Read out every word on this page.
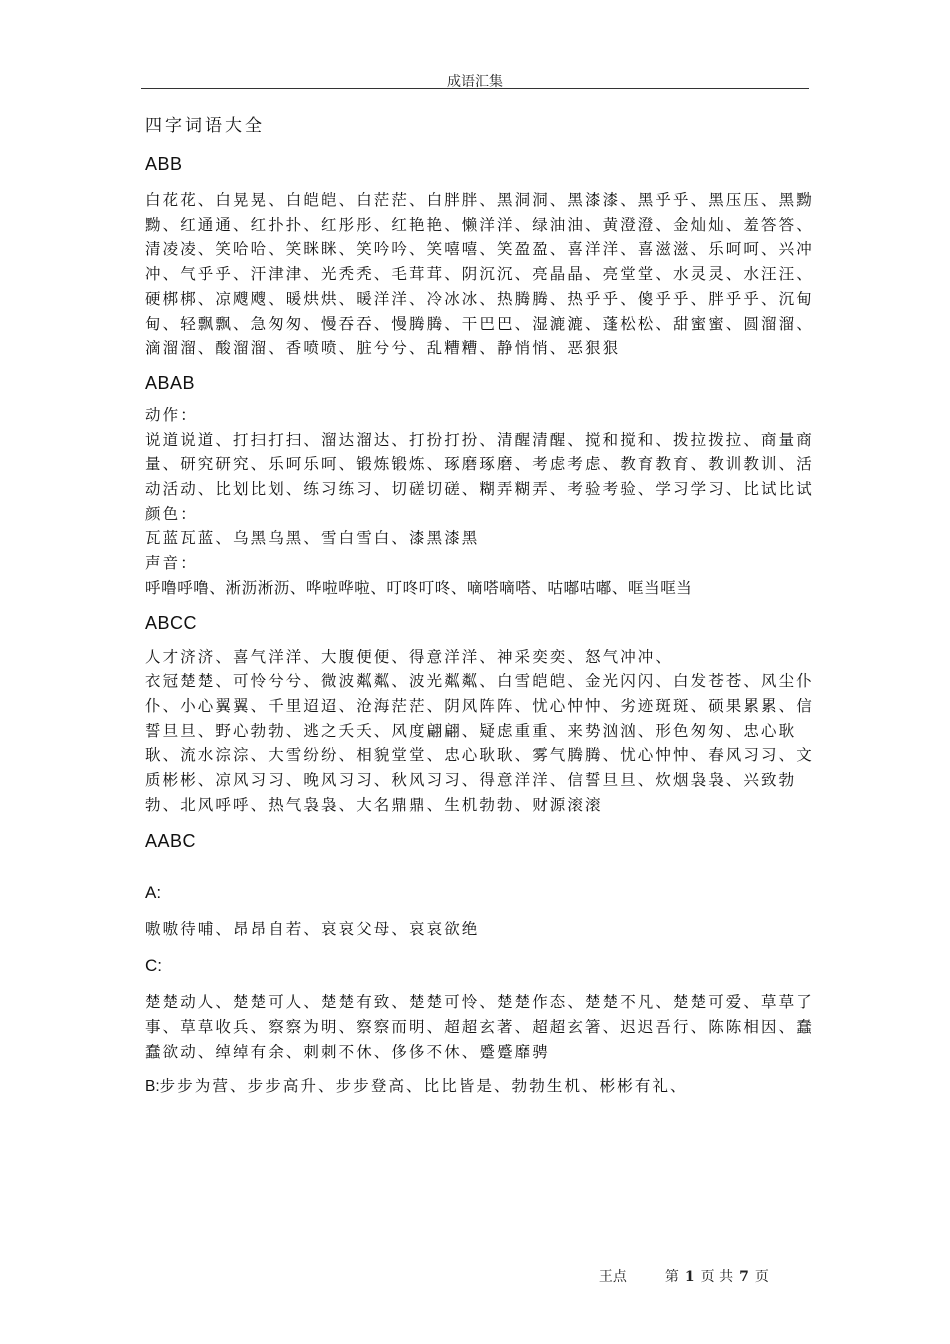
成语汇集

四字词语大全

ABB

白花花、白晃晃、白皑皑、白茫茫、白胖胖、黑洞洞、黑漆漆、黑乎乎、黑压压、黑黝黝、红通通、红扑扑、红彤彤、红艳艳、懒洋洋、绿油油、黄澄澄、金灿灿、羞答答、清凌凌、笑哈哈、笑眯眯、笑吟吟、笑嘻嘻、笑盈盈、喜洋洋、喜滋滋、乐呵呵、兴冲冲、气乎乎、汗津津、光秃秃、毛茸茸、阴沉沉、亮晶晶、亮堂堂、水灵灵、水汪汪、硬梆梆、凉飕飕、暖烘烘、暖洋洋、冷冰冰、热腾腾、热乎乎、傻乎乎、胖乎乎、沉甸甸、轻飘飘、急匆匆、慢吞吞、慢腾腾、干巴巴、湿漉漉、蓬松松、甜蜜蜜、圆溜溜、滴溜溜、酸溜溜、香喷喷、脏兮兮、乱糟糟、静悄悄、恶狠狠

ABAB

动作：

说道说道、打扫打扫、溜达溜达、打扮打扮、清醒清醒、搅和搅和、拨拉拨拉、商量商量、研究研究、乐呵乐呵、锻炼锻炼、琢磨琢磨、考虑考虑、教育教育、教训教训、活动活动、比划比划、练习练习、切磋切磋、糊弄糊弄、考验考验、学习学习、比试比试

颜色：

瓦蓝瓦蓝、乌黑乌黑、雪白雪白、漆黑漆黑

声音：

呼噜呼噜、淅沥淅沥、哗啦哗啦、叮咚叮咚、嘀嗒嘀嗒、咕嘟咕嘟、哐当哐当

ABCC

人才济济、喜气洋洋、大腹便便、得意洋洋、神采奕奕、怒气冲冲、

衣冠楚楚、可怜兮兮、微波粼粼、波光粼粼、白雪皑皑、金光闪闪、白发苍苍、风尘仆仆、小心翼翼、千里迢迢、沧海茫茫、阴风阵阵、忧心忡忡、劣迹斑斑、硕果累累、信誓旦旦、野心勃勃、逃之夭夭、风度翩翩、疑虑重重、来势汹汹、形色匆匆、忠心耿耿、流水淙淙、大雪纷纷、相貌堂堂、忠心耿耿、雾气腾腾、忧心忡忡、春风习习、文质彬彬、凉风习习、晚风习习、秋风习习、得意洋洋、信誓旦旦、炊烟袅袅、兴致勃勃、北风呼呼、热气袅袅、大名鼎鼎、生机勃勃、财源滚滚

AABC

A:

嗷嗷待哺、昂昂自若、哀哀父母、哀哀欲绝

C:

楚楚动人、楚楚可人、楚楚有致、楚楚可怜、楚楚作态、楚楚不凡、楚楚可爱、草草了事、草草收兵、察察为明、察察而明、超超玄著、超超玄箸、迟迟吾行、陈陈相因、蠢蠢欲动、绰绰有余、刺刺不休、侈侈不休、蹙蹙靡骋

B:步步为营、步步高升、步步登高、比比皆是、勃勃生机、彬彬有礼、

王点	第 1 页 共 7 页
